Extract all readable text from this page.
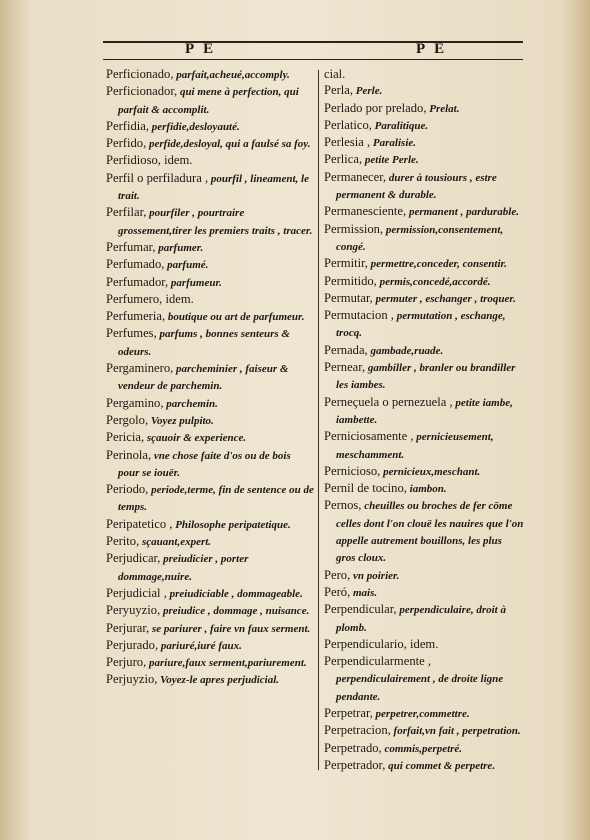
P E	P E

Perficionado, parfait,acheué,accomply.

Perficionador, qui mene à perfection, qui parfait & accomplit.

Perfidia, perfidie,desloyauté.

Perfido, perfide,desloyal, qui a faulsé sa foy.

Perfidioso, idem.

Perfil o perfiladura , pourfil , lineament, le trait.

Perfilar, pourfiler , pourtraire grossement,tirer les premiers traits , tracer.

Perfumar, parfumer.

Perfumado, parfumé.

Perfumador, parfumeur.

Perfumero, idem.

Perfumeria, boutique ou art de parfumeur.

Perfumes, parfums , bonnes senteurs & odeurs.

Pergaminero, parcheminier , faiseur & vendeur de parchemin.

Pergamino, parchemin.

Pergolo, Voyez pulpito.

Pericia, sçauoir & experience.

Perinola, vne chose faite d'os ou de bois pour se iouër.

Periodo, periode,terme, fin de sentence ou de temps.

Peripatetico , Philosophe peripatetique.

Perito, sçauant,expert.

Perjudicar, preiudicier , porter dommage,nuire.

Perjudicial , preiudiciable , dommageable.

Peryuyzio, preiudice , dommage , nuisance.

Perjurar, se pariurer , faire vn faux serment.

Perjurado, pariuré,iuré faux.

Perjuro, pariure,faux serment,pariurement.

Perjuyzio, Voyez-le apres perjudicial.

cial.

Perla, Perle.

Perlado por prelado, Prelat.

Perlatico, Paralitique.

Perlesia , Paralisie.

Perlica, petite Perle.

Permanecer, durer à tousiours , estre permanent & durable.

Permanesciente, permanent , pardurable.

Permission, permission,consentement, congé.

Permitir, permettre,conceder, consentir.

Permitido, permis,concedé,accordé.

Permutar, permuter , eschanger , troquer.

Permutacion , permutation , eschange, trocq.

Pernada, gambade,ruade.

Pernear, gambiller , branler ou brandiller les iambes.

Perneçuela o pernezuela , petite iambe, iambette.

Perniciosamente , pernicieusement, meschamment.

Pernicioso, pernicieux,meschant.

Pernil de tocino, iambon.

Pernos, cheuilles ou broches de fer cōme celles dont l'on clouë les nauires que l'on appelle autrement bouillons, les plus gros cloux.

Pero, vn poirier.

Peró, mais.

Perpendicular, perpendiculaire, droit à plomb.

Perpendiculario, idem.

Perpendicularmente , perpendiculairement , de droite ligne pendante.

Perpetrar, perpetrer,commettre.

Perpetracion, forfait,vn fait , perpetration.

Perpetrado, commis,perpetré.

Perpetrador, qui commet & perpetre.
